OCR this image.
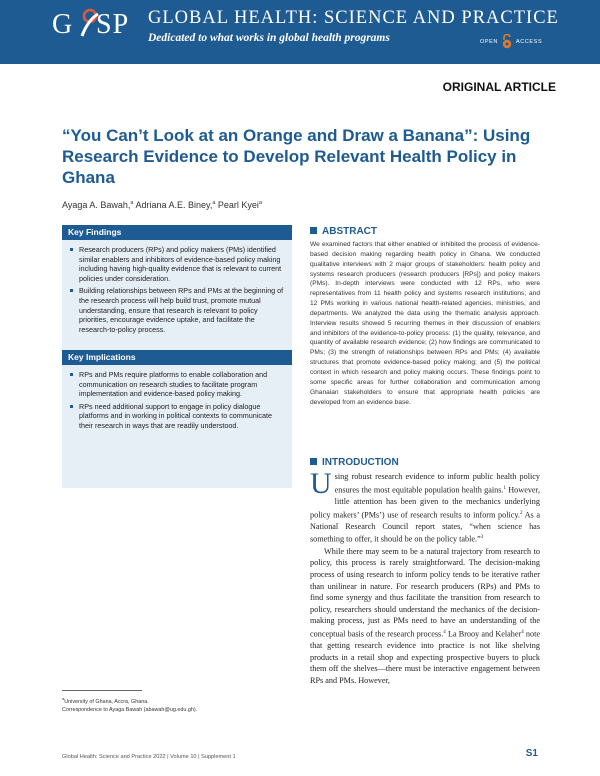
G SP GLOBAL HEALTH: SCIENCE AND PRACTICE
Dedicated to what works in global health programs	OPEN	ACCESS
ORIGINAL ARTICLE
“You Can’t Look at an Orange and Draw a Banana”: Using Research Evidence to Develop Relevant Health Policy in Ghana
Ayaga A. Bawah,$^a$ Adriana A.E. Biney,$^a$ Pearl Kyei$^a$
Key Findings
Research producers (RPs) and policy makers (PMs) identified similar enablers and inhibitors of evidence-based policy making including having high-quality evidence that is relevant to current policies under consideration.
Building relationships between RPs and PMs at the beginning of the research process will help build trust, promote mutual understanding, ensure that research is relevant to policy priorities, encourage evidence uptake, and facilitate the research-to-policy process.
Key Implications
RPs and PMs require platforms to enable collaboration and communication on research studies to facilitate program implementation and evidence-based policy making.
RPs need additional support to engage in policy dialogue platforms and in working in political contexts to communicate their research in ways that are readily understood.
ABSTRACT
We examined factors that either enabled or inhibited the process of evidence-based decision making regarding health policy in Ghana. We conducted qualitative interviews with 2 major groups of stakeholders: health policy and systems research producers (research producers [RPs]) and policy makers (PMs). In-depth interviews were conducted with 12 RPs, who were representatives from 11 health policy and systems research institutions; and 12 PMs working in various national health-related agencies, ministries, and departments. We analyzed the data using the thematic analysis approach. Interview results showed 5 recurring themes in their discussion of enablers and inhibitors of the evidence-to-policy process: (1) the quality, relevance, and quantity of available research evidence; (2) how findings are communicated to PMs; (3) the strength of relationships between RPs and PMs; (4) available structures that promote evidence-based policy making; and (5) the political context in which research and policy making occurs. These findings point to some specific areas for further collaboration and communication among Ghanaian stakeholders to ensure that appropriate health policies are developed from an evidence base.
INTRODUCTION

Using robust research evidence to inform public health policy ensures the most equitable population health gains.$^1$ However, little attention has been given to the mechanics underlying policy makers’ (PMs’) use of research results to inform policy.$^2$ As a National Research Council report states, “when science has something to offer, it should be on the policy table.”$^3$

While there may seem to be a natural trajectory from research to policy, this process is rarely straightforward. The decision-making process of using research to inform policy tends to be iterative rather than unilinear in nature. For research producers (RPs) and PMs to find some synergy and thus facilitate the transition from research to policy, researchers should understand the mechanics of the decision-making process, just as PMs need to have an understanding of the conceptual basis of the research process.$^4$ La Brooy and Kelaher$^4$ note that getting research evidence into practice is not like shelving products in a retail shop and expecting prospective buyers to pluck them off the shelves—there must be interactive engagement between RPs and PMs. However,

$^a$University of Ghana, Accra, Ghana.
Correspondence to Ayaga Bawah (abawah@ug.edu.gh).
Global Health: Science and Practice 2022 | Volume 10 | Supplement 1	S1
